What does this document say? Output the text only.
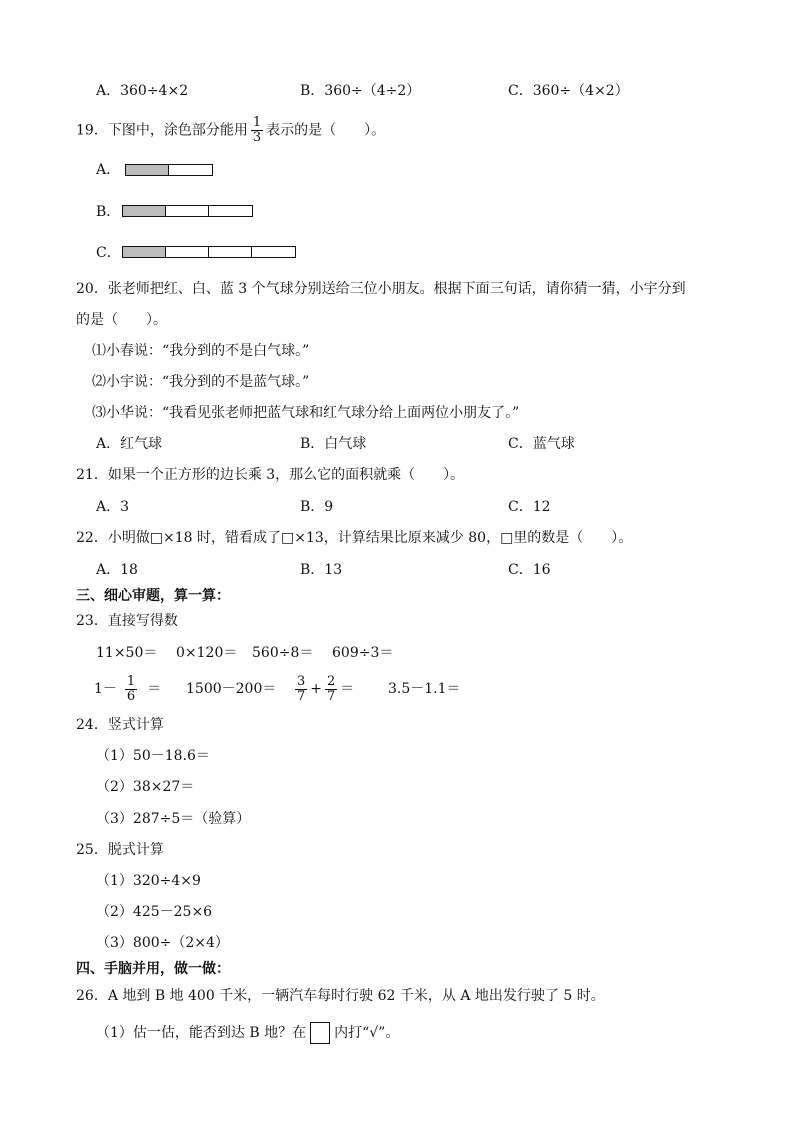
A．360÷4×2	B．360÷（4÷2）	C．360÷（4×2）
19．下图中，涂色部分能用 $\frac{1}{3}$ 表示的是（　　）。
A．
B．
C．
20．张老师把红、白、蓝 3 个气球分别送给三位小朋友。根据下面三句话，请你猜一猜，小宇分到
的是（　　）。
⑴小春说：“我分到的不是白气球。”
⑵小宇说：“我分到的不是蓝气球。”
⑶小华说：“我看见张老师把蓝气球和红气球分给上面两位小朋友了。”
A．红气球	B．白气球	C．蓝气球
21．如果一个正方形的边长乘 3，那么它的面积就乘（　　）。
A．3	B．9	C．12
22．小明做□×18 时，错看成了□×13，计算结果比原来减少 80，□里的数是（　　）。
A．18	B．13	C．16
三、细心审题，算一算：
23．直接写得数
11×50＝ 0×120＝ 560÷8＝ 609÷3＝
$1- \frac{1}{6} = 1500-200= \frac{3}{7} + \frac{2}{7} = 3.5-1.1=$
24．竖式计算
（1）50－18.6＝
（2）38×27＝
（3）287÷5＝（验算）
25．脱式计算
（1）320÷4×9
（2）425－25×6
（3）800÷（2×4）
四、手脑并用，做一做：
26．A 地到 B 地 400 千米，一辆汽车每时行驶 62 千米，从 A 地出发行驶了 5 时。
（1）估一估，能否到达 B 地？在 内打“√”。
